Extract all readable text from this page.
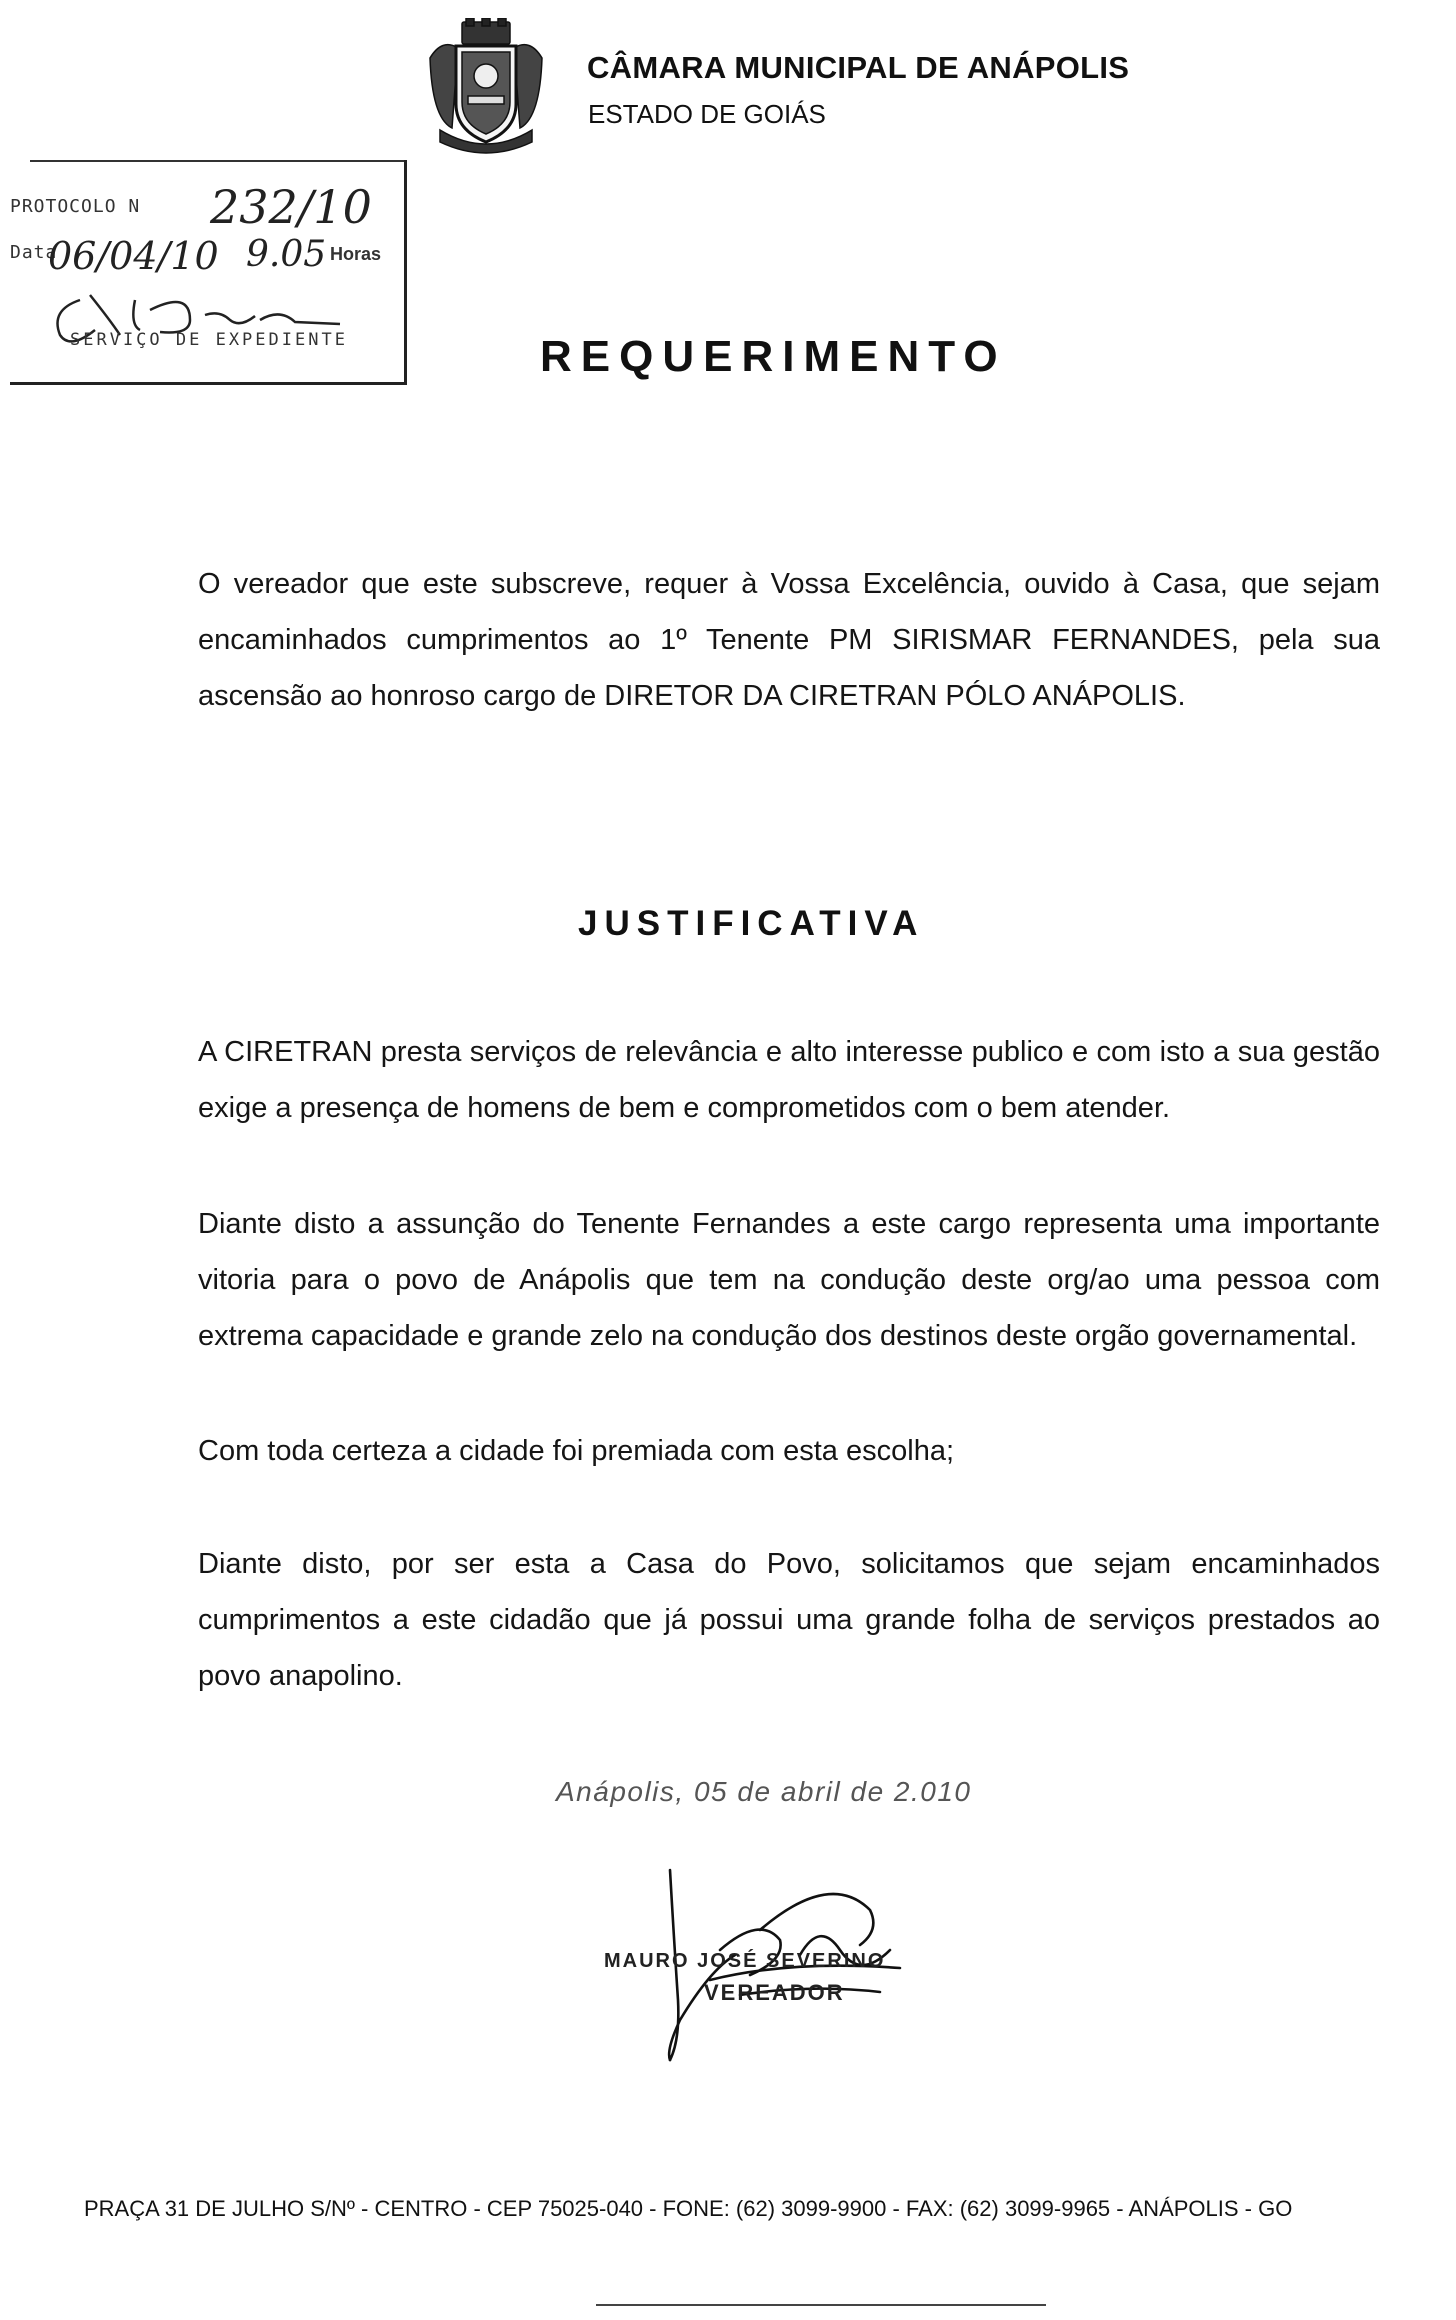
CÂMARA MUNICIPAL DE ANÁPOLIS
ESTADO DE GOIÁS
PROTOCOLO N 232/10
Data
06/04/10 9.05 Horas
SERVIÇO DE EXPEDIENTE	REQUERIMENTO
O vereador que este subscreve, requer à Vossa Excelência, ouvido à Casa, que sejam encaminhados cumprimentos ao 1º Tenente PM SIRISMAR FERNANDES, pela sua ascensão ao honroso cargo de DIRETOR DA CIRETRAN PÓLO ANÁPOLIS.
JUSTIFICATIVA
A CIRETRAN presta serviços de relevância e alto interesse publico e com isto a sua gestão exige a presença de homens de bem e comprometidos com o bem atender.
Diante disto a assunção do Tenente Fernandes a este cargo representa uma importante vitoria para o povo de Anápolis que tem na condução deste org/ao uma pessoa com extrema capacidade e grande zelo na condução dos destinos deste orgão governamental.
Com toda certeza a cidade foi premiada com esta escolha;
Diante disto, por ser esta a Casa do Povo, solicitamos que sejam encaminhados cumprimentos a este cidadão que já possui uma grande folha de serviços prestados ao povo anapolino.
Anápolis, 05 de abril de 2.010
MAURO JOSÉ SEVERINO
VEREADOR
PRAÇA 31 DE JULHO S/Nº - CENTRO - CEP 75025-040 - FONE: (62) 3099-9900 - FAX: (62) 3099-9965 - ANÁPOLIS - GO
